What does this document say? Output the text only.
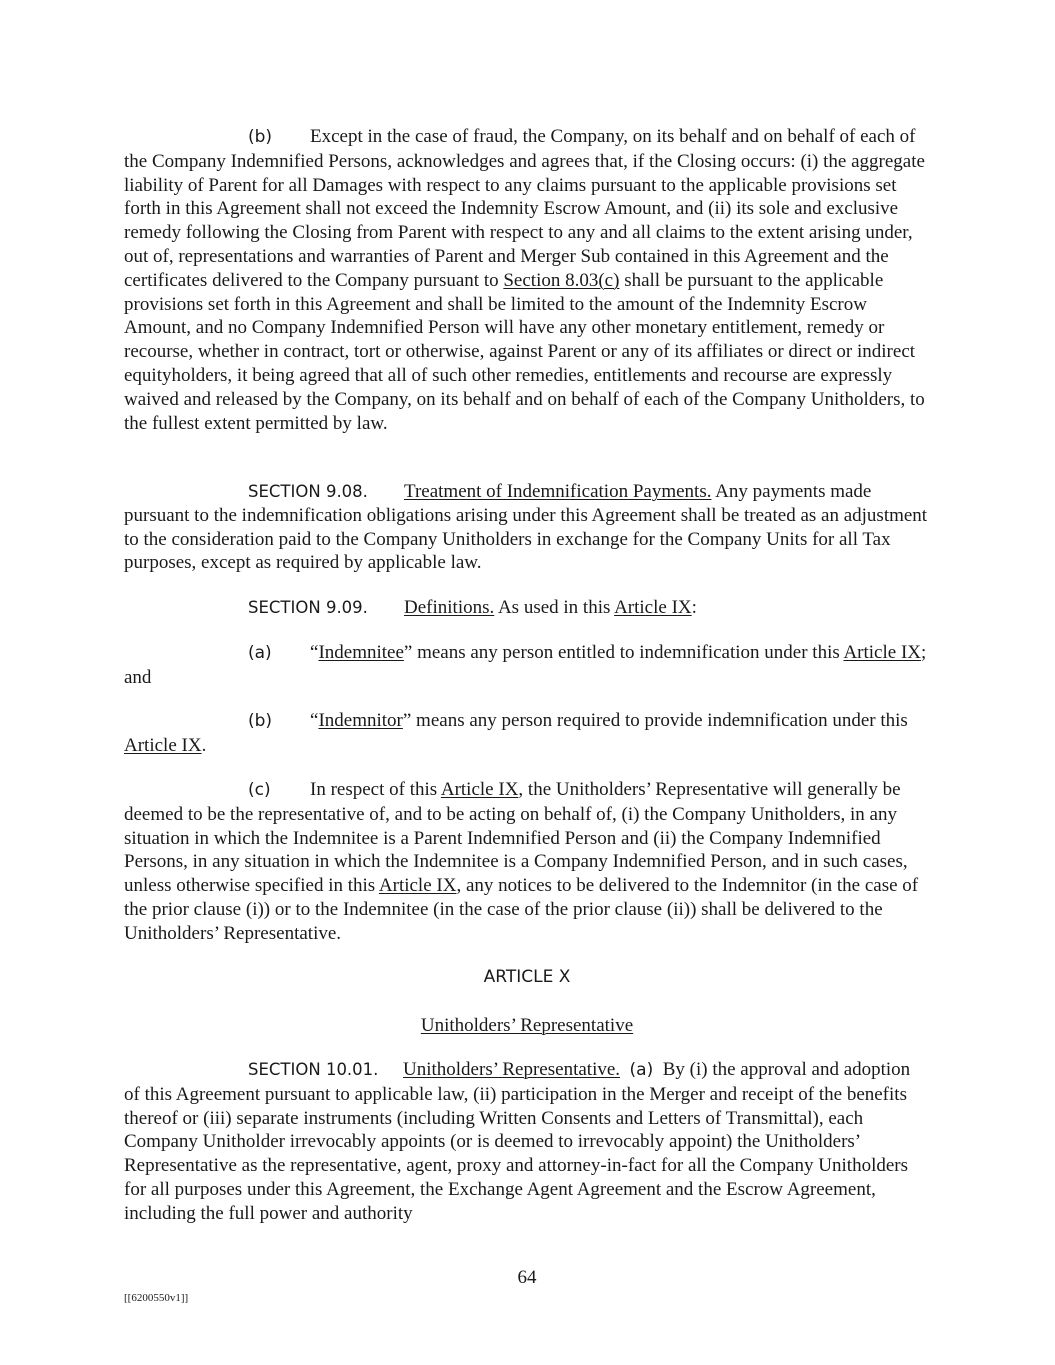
(b) Except in the case of fraud, the Company, on its behalf and on behalf of each of the Company Indemnified Persons, acknowledges and agrees that, if the Closing occurs: (i) the aggregate liability of Parent for all Damages with respect to any claims pursuant to the applicable provisions set forth in this Agreement shall not exceed the Indemnity Escrow Amount, and (ii) its sole and exclusive remedy following the Closing from Parent with respect to any and all claims to the extent arising under, out of, representations and warranties of Parent and Merger Sub contained in this Agreement and the certificates delivered to the Company pursuant to Section 8.03(c) shall be pursuant to the applicable provisions set forth in this Agreement and shall be limited to the amount of the Indemnity Escrow Amount, and no Company Indemnified Person will have any other monetary entitlement, remedy or recourse, whether in contract, tort or otherwise, against Parent or any of its affiliates or direct or indirect equityholders, it being agreed that all of such other remedies, entitlements and recourse are expressly waived and released by the Company, on its behalf and on behalf of each of the Company Unitholders, to the fullest extent permitted by law.

SECTION 9.08. Treatment of Indemnification Payments. Any payments made pursuant to the indemnification obligations arising under this Agreement shall be treated as an adjustment to the consideration paid to the Company Unitholders in exchange for the Company Units for all Tax purposes, except as required by applicable law.

SECTION 9.09. Definitions. As used in this Article IX:

(a) “Indemnitee” means any person entitled to indemnification under this Article IX; and

(b) “Indemnitor” means any person required to provide indemnification under this Article IX.

(c) In respect of this Article IX, the Unitholders’ Representative will generally be deemed to be the representative of, and to be acting on behalf of, (i) the Company Unitholders, in any situation in which the Indemnitee is a Parent Indemnified Person and (ii) the Company Indemnified Persons, in any situation in which the Indemnitee is a Company Indemnified Person, and in such cases, unless otherwise specified in this Article IX, any notices to be delivered to the Indemnitor (in the case of the prior clause (i)) or to the Indemnitee (in the case of the prior clause (ii)) shall be delivered to the Unitholders’ Representative.

ARTICLE X

Unitholders’ Representative

SECTION 10.01. Unitholders’ Representative. (a) By (i) the approval and adoption of this Agreement pursuant to applicable law, (ii) participation in the Merger and receipt of the benefits thereof or (iii) separate instruments (including Written Consents and Letters of Transmittal), each Company Unitholder irrevocably appoints (or is deemed to irrevocably appoint) the Unitholders’ Representative as the representative, agent, proxy and attorney-in-fact for all the Company Unitholders for all purposes under this Agreement, the Exchange Agent Agreement and the Escrow Agreement, including the full power and authority

64

[[6200550v1]]
